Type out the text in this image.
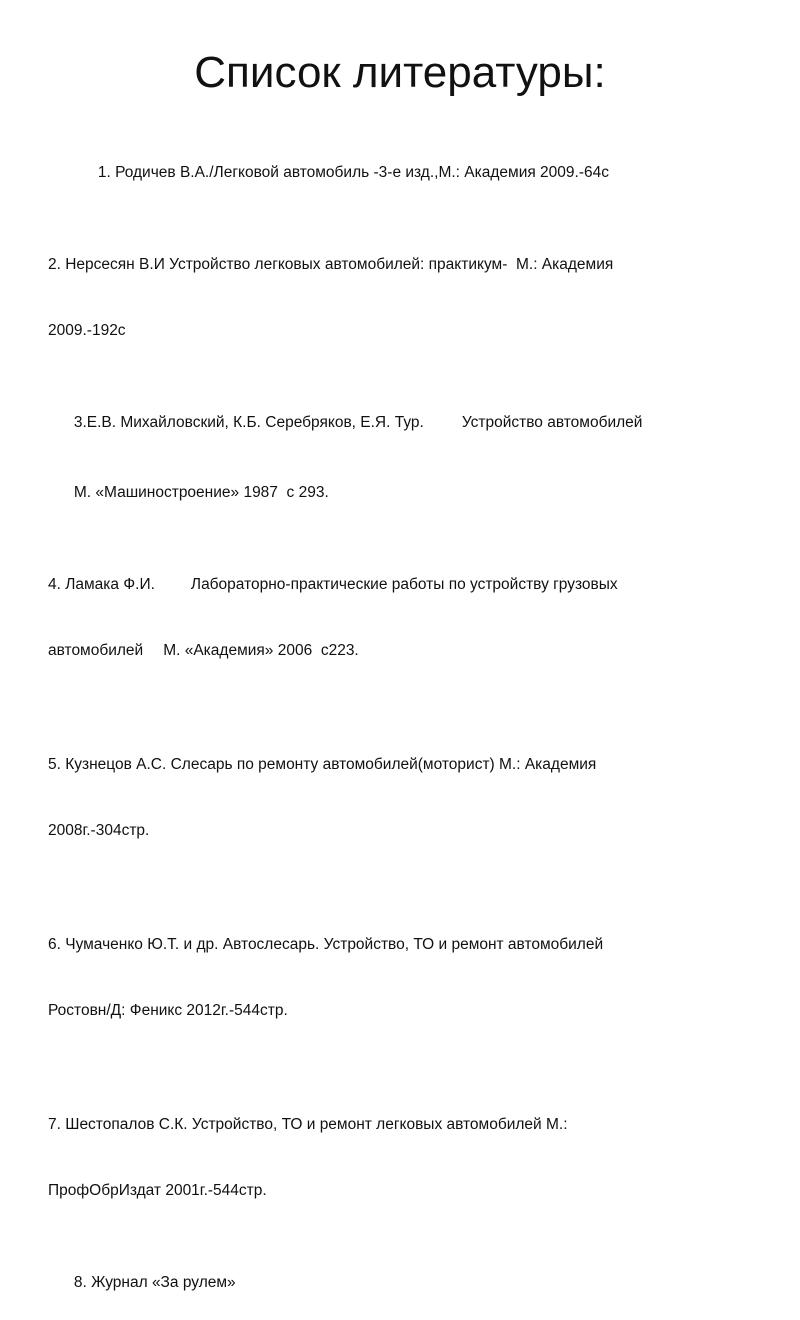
Список литературы:

1. Родичев В.А./Легковой автомобиль -3-е изд.,М.: Академия 2009.-64с

2. Нерсесян В.И Устройство легковых автомобилей: практикум-  М.: Академия

2009.-192с

3.Е.В. Михайловский, К.Б. Серебряков, Е.Я. Тур. Устройство автомобилей

М. «Машиностроение» 1987  с 293.

4. Ламака Ф.И. Лабораторно-практические работы по устройству грузовых

автомобилей М. «Академия» 2006  с223.

5. Кузнецов А.С. Слесарь по ремонту автомобилей(моторист) М.: Академия

2008г.-304стр.

6. Чумаченко Ю.Т. и др. Автослесарь. Устройство, ТО и ремонт автомобилей

Ростовн/Д: Феникс 2012г.-544стр.

7. Шестопалов С.К. Устройство, ТО и ремонт легковых автомобилей М.:

ПрофОбрИздат 2001г.-544стр.

8. Журнал «За рулем»
